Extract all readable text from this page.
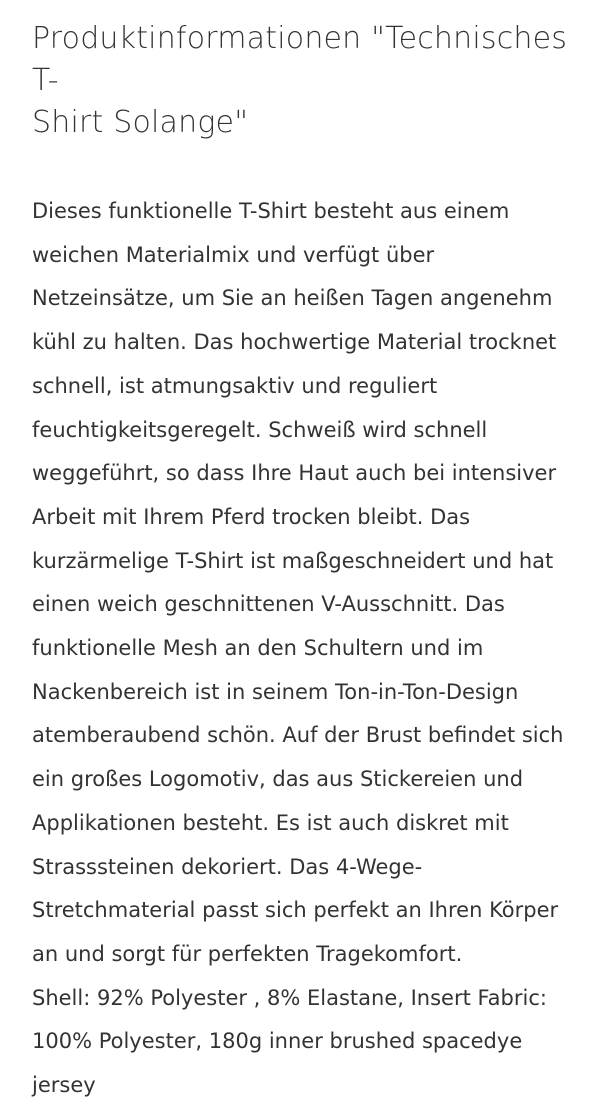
Produktinformationen "Technisches T-
Shirt Solange"
Dieses funktionelle T-Shirt besteht aus einem
weichen Materialmix und verfügt über
Netzeinsätze, um Sie an heißen Tagen angenehm
kühl zu halten. Das hochwertige Material trocknet
schnell, ist atmungsaktiv und reguliert
feuchtigkeitsgeregelt. Schweiß wird schnell
weggeführt, so dass Ihre Haut auch bei intensiver
Arbeit mit Ihrem Pferd trocken bleibt. Das
kurzärmelige T-Shirt ist maßgeschneidert und hat
einen weich geschnittenen V-Ausschnitt. Das
funktionelle Mesh an den Schultern und im
Nackenbereich ist in seinem Ton-in-Ton-Design
atemberaubend schön. Auf der Brust befindet sich
ein großes Logomotiv, das aus Stickereien und
Applikationen besteht. Es ist auch diskret mit
Strasssteinen dekoriert. Das 4-Wege-
Stretchmaterial passt sich perfekt an Ihren Körper
an und sorgt für perfekten Tragekomfort.
Shell: 92% Polyester , 8% Elastane, Insert Fabric:
100% Polyester, 180g inner brushed spacedye
jersey
